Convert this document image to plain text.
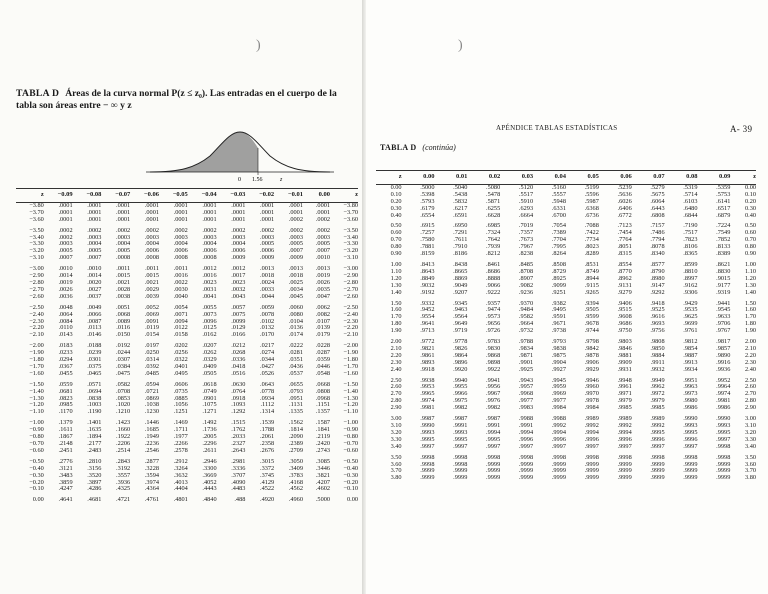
)

TABLA D Áreas de la curva normal P(z ≤ z₀). Las entradas en el cuerpo de la tabla son áreas entre − ∞ y z

0 1.56	z
z	−0.09	−0.08	−0.07	−0.06	−0.05	−0.04	−0.03	−0.02	−0.01	0.00	z
−3.80	.0001	.0001	.0001	.0001	.0001	.0001	.0001	.0001	.0001	.0001	−3.80
−3.70	.0001	.0001	.0001	.0001	.0001	.0001	.0001	.0001	.0001	.0001	−3.70
−3.60	.0001	.0001	.0001	.0001	.0001	.0001	.0001	.0001	.0002	.0002	−3.60
−3.50	.0002	.0002	.0002	.0002	.0002	.0002	.0002	.0002	.0002	.0002	−3.50
−3.40	.0002	.0003	.0003	.0003	.0003	.0003	.0003	.0003	.0003	.0003	−3.40
−3.30	.0003	.0004	.0004	.0004	.0004	.0004	.0004	.0005	.0005	.0005	−3.30
−3.20	.0005	.0005	.0005	.0006	.0006	.0006	.0006	.0006	.0007	.0007	−3.20
−3.10	.0007	.0007	.0008	.0008	.0008	.0008	.0009	.0009	.0009	.0010	−3.10
−3.00	.0010	.0010	.0011	.0011	.0011	.0012	.0012	.0013	.0013	.0013	−3.00
−2.90	.0014	.0014	.0015	.0015	.0016	.0016	.0017	.0018	.0018	.0019	−2.90
−2.80	.0019	.0020	.0021	.0021	.0022	.0023	.0023	.0024	.0025	.0026	−2.80
−2.70	.0026	.0027	.0028	.0029	.0030	.0031	.0032	.0033	.0034	.0035	−2.70
−2.60	.0036	.0037	.0038	.0039	.0040	.0041	.0043	.0044	.0045	.0047	−2.60
−2.50	.0048	.0049	.0051	.0052	.0054	.0055	.0057	.0059	.0060	.0062	−2.50
−2.40	.0064	.0066	.0068	.0069	.0071	.0073	.0075	.0078	.0080	.0082	−2.40
−2.30	.0084	.0087	.0089	.0091	.0094	.0096	.0099	.0102	.0104	.0107	−2.30
−2.20	.0110	.0113	.0116	.0119	.0122	.0125	.0129	.0132	.0136	.0139	−2.20
−2.10	.0143	.0146	.0150	.0154	.0158	.0162	.0166	.0170	.0174	.0179	−2.10
−2.00	.0183	.0188	.0192	.0197	.0202	.0207	.0212	.0217	.0222	.0228	−2.00
−1.90	.0233	.0239	.0244	.0250	.0256	.0262	.0268	.0274	.0281	.0287	−1.90
−1.80	.0294	.0301	.0307	.0314	.0322	.0329	.0336	.0344	.0351	.0359	−1.80
−1.70	.0367	.0375	.0384	.0392	.0401	.0409	.0418	.0427	.0436	.0446	−1.70
−1.60	.0455	.0465	.0475	.0485	.0495	.0505	.0516	.0526	.0537	.0548	−1.60
−1.50	.0559	.0571	.0582	.0594	.0606	.0618	.0630	.0643	.0655	.0668	−1.50
−1.40	.0681	.0694	.0708	.0721	.0735	.0749	.0764	.0778	.0793	.0808	−1.40
−1.30	.0823	.0838	.0853	.0869	.0885	.0901	.0918	.0934	.0951	.0968	−1.30
−1.20	.0985	.1003	.1020	.1038	.1056	.1075	.1093	.1112	.1131	.1151	−1.20
−1.10	.1170	.1190	.1210	.1230	.1251	.1271	.1292	.1314	.1335	.1357	−1.10
−1.00	.1379	.1401	.1423	.1446	.1469	.1492	.1515	.1539	.1562	.1587	−1.00
−0.90	.1611	.1635	.1660	.1685	.1711	.1736	.1762	.1788	.1814	.1841	−0.90
−0.80	.1867	.1894	.1922	.1949	.1977	.2005	.2033	.2061	.2090	.2119	−0.80
−0.70	.2148	.2177	.2206	.2236	.2266	.2296	.2327	.2358	.2389	.2420	−0.70
−0.60	.2451	.2483	.2514	.2546	.2578	.2611	.2643	.2676	.2709	.2743	−0.60
−0.50	.2776	.2810	.2843	.2877	.2912	.2946	.2981	.3015	.3050	.3085	−0.50
−0.40	.3121	.3156	.3192	.3228	.3264	.3300	.3336	.3372	.3409	.3446	−0.40
−0.30	.3483	.3520	.3557	.3594	.3632	.3669	.3707	.3745	.3783	.3821	−0.30
−0.20	.3859	.3897	.3936	.3974	.4013	.4052	.4090	.4129	.4168	.4207	−0.20
−0.10	.4247	.4286	.4325	.4364	.4404	.4443	.4483	.4522	.4562	.4602	−0.10
0.00	.4641	.4681	.4721	.4761	.4801	.4840	.488	.4920	.4960	.5000	0.00
)
APÉNDICE TABLAS ESTADÍSTICAS	A- 39
TABLA D (continúa)
z	0.00	0.01	0.02	0.03	0.04	0.05	0.06	0.07	0.08	0.09	z
0.00	.5000	.5040	.5080	.5120	.5160	.5199	.5239	.5279	.5319	.5359	0.00
0.10	.5398	.5438	.5478	.5517	.5557	.5596	.5636	.5675	.5714	.5753	0.10
0.20	.5793	.5832	.5871	.5910	.5948	.5987	.6026	.6064	.6103	.6141	0.20
0.30	.6179	.6217	.6255	.6293	.6331	.6368	.6406	.6443	.6480	.6517	0.30
0.40	.6554	.6591	.6628	.6664	.6700	.6736	.6772	.6808	.6844	.6879	0.40
0.50	.6915	.6950	.6985	.7019	.7054	.7088	.7123	.7157	.7190	.7224	0.50
0.60	.7257	.7291	.7324	.7357	.7389	.7422	.7454	.7486	.7517	.7549	0.60
0.70	.7580	.7611	.7642	.7673	.7704	.7734	.7764	.7794	.7823	.7852	0.70
0.80	.7881	.7910	.7939	.7967	.7995	.8023	.8051	.8078	.8106	.8133	0.80
0.90	.8159	.8186	.8212	.8238	.8264	.8289	.8315	.8340	.8365	.8389	0.90
1.00	.8413	.8438	.8461	.8485	.8508	.8531	.8554	.8577	.8599	.8621	1.00
1.10	.8643	.8665	.8686	.8708	.8729	.8749	.8770	.8790	.8810	.8830	1.10
1.20	.8849	.8869	.8888	.8907	.8925	.8944	.8962	.8980	.8997	.9015	1.20
1.30	.9032	.9049	.9066	.9082	.9099	.9115	.9131	.9147	.9162	.9177	1.30
1.40	.9192	.9207	.9222	.9236	.9251	.9265	.9279	.9292	.9306	.9319	1.40
1.50	.9332	.9345	.9357	.9370	.9382	.9394	.9406	.9418	.9429	.9441	1.50
1.60	.9452	.9463	.9474	.9484	.9495	.9505	.9515	.9525	.9535	.9545	1.60
1.70	.9554	.9564	.9573	.9582	.9591	.9599	.9608	.9616	.9625	.9633	1.70
1.80	.9641	.9649	.9656	.9664	.9671	.9678	.9686	.9693	.9699	.9706	1.80
1.90	.9713	.9719	.9726	.9732	.9738	.9744	.9750	.9756	.9761	.9767	1.90
2.00	.9772	.9778	.9783	.9788	.9793	.9798	.9803	.9808	.9812	.9817	2.00
2.10	.9821	.9826	.9830	.9834	.9838	.9842	.9846	.9850	.9854	.9857	2.10
2.20	.9861	.9864	.9868	.9871	.9875	.9878	.9881	.9884	.9887	.9890	2.20
2.30	.9893	.9896	.9898	.9901	.9904	.9906	.9909	.9911	.9913	.9916	2.30
2.40	.9918	.9920	.9922	.9925	.9927	.9929	.9931	.9932	.9934	.9936	2.40
2.50	.9938	.9940	.9941	.9943	.9945	.9946	.9948	.9949	.9951	.9952	2.50
2.60	.9953	.9955	.9956	.9957	.9959	.9960	.9961	.9962	.9963	.9964	2.60
2.70	.9965	.9966	.9967	.9968	.9969	.9970	.9971	.9972	.9973	.9974	2.70
2.80	.9974	.9975	.9976	.9977	.9977	.9978	.9979	.9979	.9980	.9981	2.80
2.90	.9981	.9982	.9982	.9983	.9984	.9984	.9985	.9985	.9986	.9986	2.90
3.00	.9987	.9987	.9987	.9988	.9988	.9989	.9989	.9989	.9990	.9990	3.00
3.10	.9990	.9991	.9991	.9991	.9992	.9992	.9992	.9992	.9993	.9993	3.10
3.20	.9993	.9993	.9994	.9994	.9994	.9994	.9994	.9995	.9995	.9995	3.20
3.30	.9995	.9995	.9995	.9996	.9996	.9996	.9996	.9996	.9996	.9997	3.30
3.40	.9997	.9997	.9997	.9997	.9997	.9997	.9997	.9997	.9997	.9998	3.40
3.50	.9998	.9998	.9998	.9998	.9998	.9998	.9998	.9998	.9998	.9998	3.50
3.60	.9998	.9998	.9999	.9999	.9999	.9999	.9999	.9999	.9999	.9999	3.60
3.70	.9999	.9999	.9999	.9999	.9999	.9999	.9999	.9999	.9999	.9999	3.70
3.80	.9999	.9999	.9999	.9999	.9999	.9999	.9999	.9999	.9999	.9999	3.80
